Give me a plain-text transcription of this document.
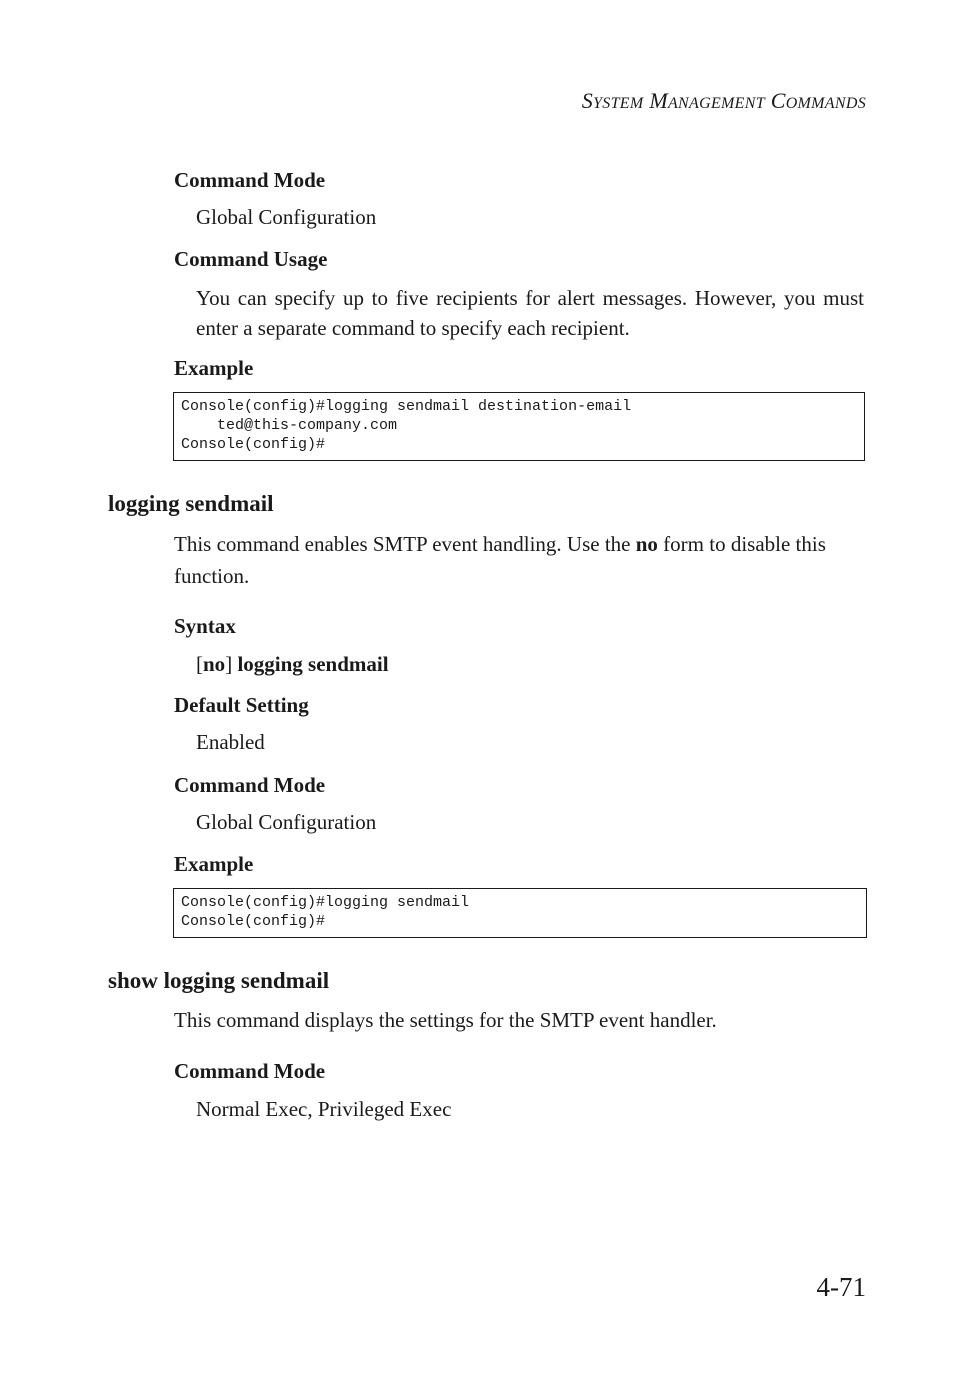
SYSTEM MANAGEMENT COMMANDS
Command Mode
Global Configuration
Command Usage
You can specify up to five recipients for alert messages. However, you must enter a separate command to specify each recipient.
Example
Console(config)#logging sendmail destination-email
ted@this-company.com
Console(config)#
logging sendmail
This command enables SMTP event handling. Use the no form to disable this function.
Syntax
[no] logging sendmail
Default Setting
Enabled
Command Mode
Global Configuration
Example
Console(config)#logging sendmail
Console(config)#
show logging sendmail
This command displays the settings for the SMTP event handler.
Command Mode
Normal Exec, Privileged Exec
4-71
